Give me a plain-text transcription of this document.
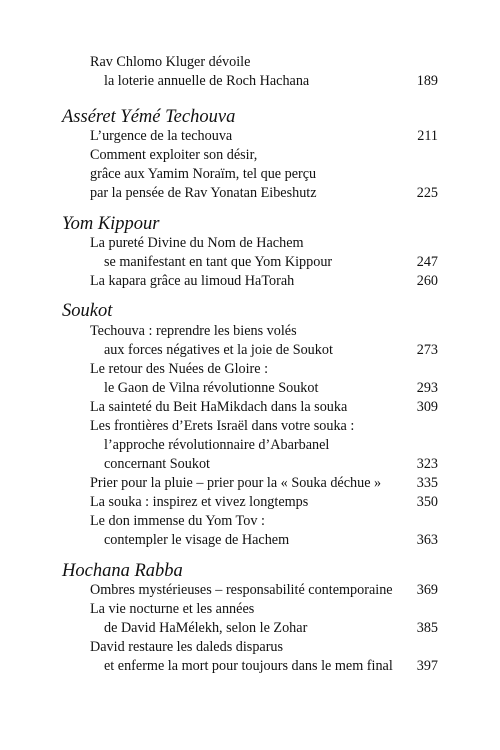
Rav Chlomo Kluger dévoile
la loterie annuelle de Roch Hachana	189
Asséret Yémé Techouva
L’urgence de la techouva	211
Comment exploiter son désir,
grâce aux Yamim Noraïm, tel que perçu
par la pensée de Rav Yonatan Eibeshutz	225
Yom Kippour
La pureté Divine du Nom de Hachem
se manifestant en tant que Yom Kippour	247
La kapara grâce au limoud HaTorah	260
Soukot
Techouva : reprendre les biens volés
aux forces négatives et la joie de Soukot	273
Le retour des Nuées de Gloire :
le Gaon de Vilna révolutionne Soukot	293
La sainteté du Beit HaMikdach dans la souka	309
Les frontières d’Erets Israël dans votre souka :
l’approche révolutionnaire d’Abarbanel
concernant Soukot	323
Prier pour la pluie – prier pour la « Souka déchue »	335
La souka : inspirez et vivez longtemps	350
Le don immense du Yom Tov :
contempler le visage de Hachem	363
Hochana Rabba
Ombres mystérieuses – responsabilité contemporaine 369
La vie nocturne et les années
de David HaMélekh, selon le Zohar	385
David restaure les daleds disparus
et enferme la mort pour toujours dans le mem final 397
